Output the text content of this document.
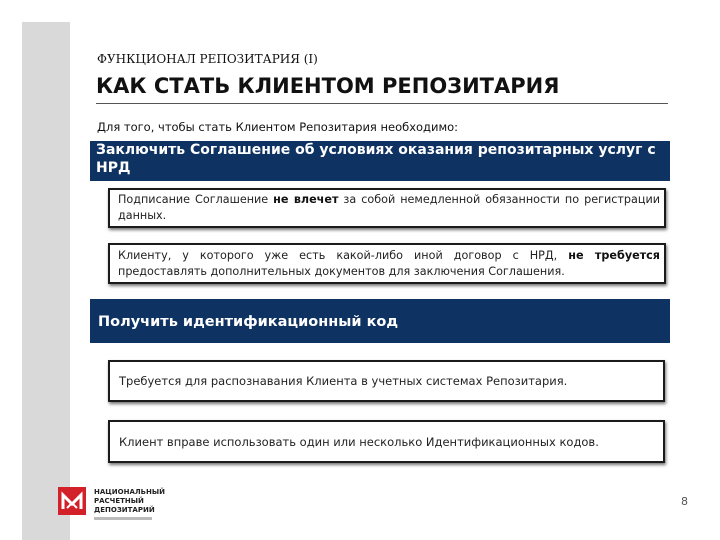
ФУНКЦИОНАЛ РЕПОЗИТАРИЯ (I)
КАК СТАТЬ КЛИЕНТОМ РЕПОЗИТАРИЯ
Для того, чтобы стать Клиентом Репозитария необходимо:
Заключить Соглашение об условиях оказания репозитарных услуг с НРД
Подписание Соглашение не влечет за собой немедленной обязанности по регистрации данных.
Клиенту, у которого уже есть какой-либо иной договор с НРД, не требуется предоставлять дополнительных документов для заключения Соглашения.
Получить идентификационный код
Требуется для распознавания Клиента в учетных системах Репозитария.
Клиент вправе использовать один или несколько Идентификационных кодов.
НАЦИОНАЛЬНЫЙ
РАСЧЕТНЫЙ
ДЕПОЗИТАРИЙ
8
